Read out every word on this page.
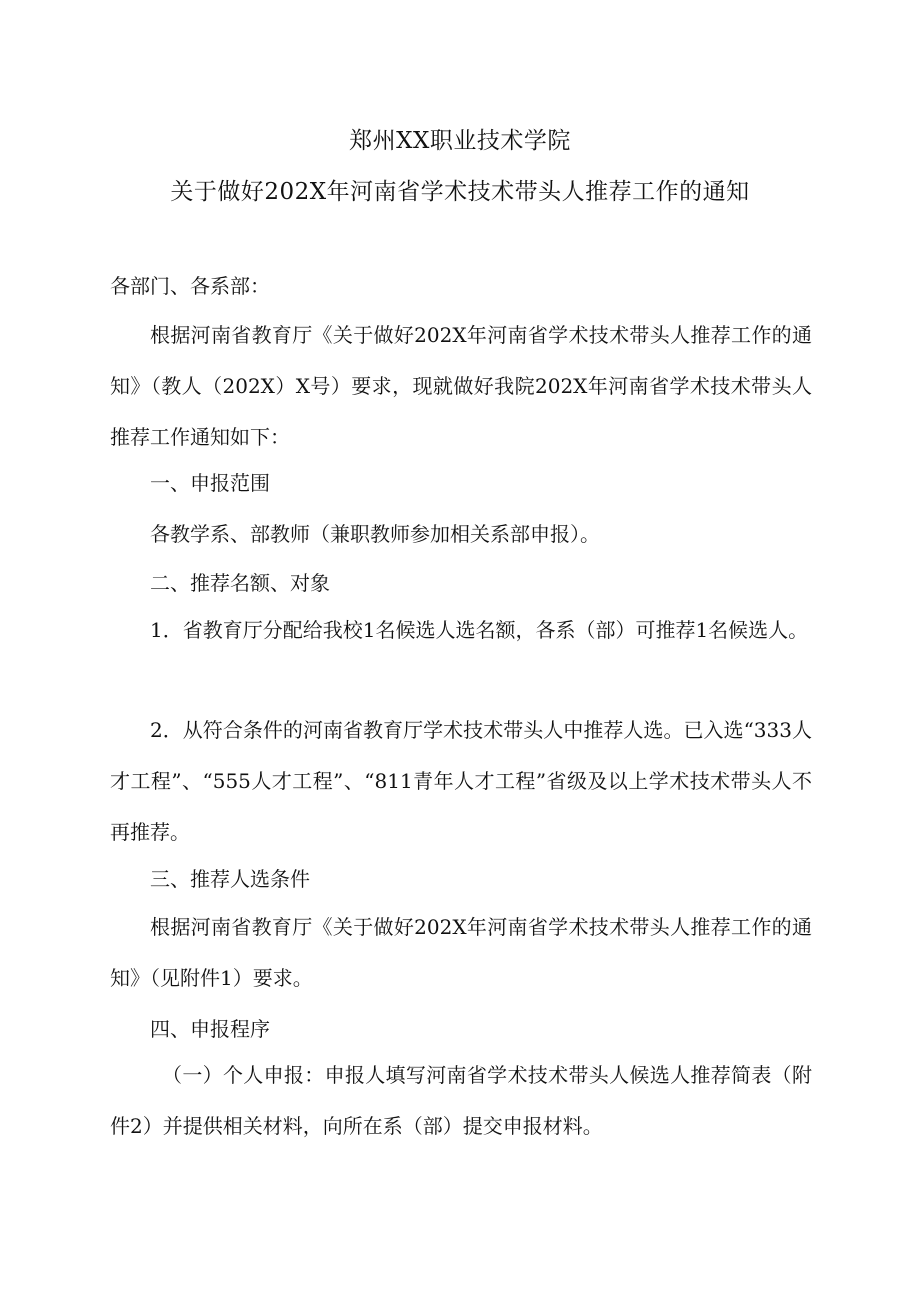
郑州XX职业技术学院
关于做好202X年河南省学术技术带头人推荐工作的通知
各部门、各系部：
根据河南省教育厅《关于做好202X年河南省学术技术带头人推荐工作的通知》（教人（202X）X号）要求，现就做好我院202X年河南省学术技术带头人推荐工作通知如下：
一、申报范围
各教学系、部教师（兼职教师参加相关系部申报）。
二、推荐名额、对象
1．省教育厅分配给我校1名候选人选名额，各系（部）可推荐1名候选人。
2．从符合条件的河南省教育厅学术技术带头人中推荐人选。已入选“333人才工程”、“555人才工程”、“811青年人才工程”省级及以上学术技术带头人不再推荐。
三、推荐人选条件
根据河南省教育厅《关于做好202X年河南省学术技术带头人推荐工作的通知》（见附件1）要求。
四、申报程序
（一）个人申报：申报人填写河南省学术技术带头人候选人推荐简表（附件2）并提供相关材料，向所在系（部）提交申报材料。
